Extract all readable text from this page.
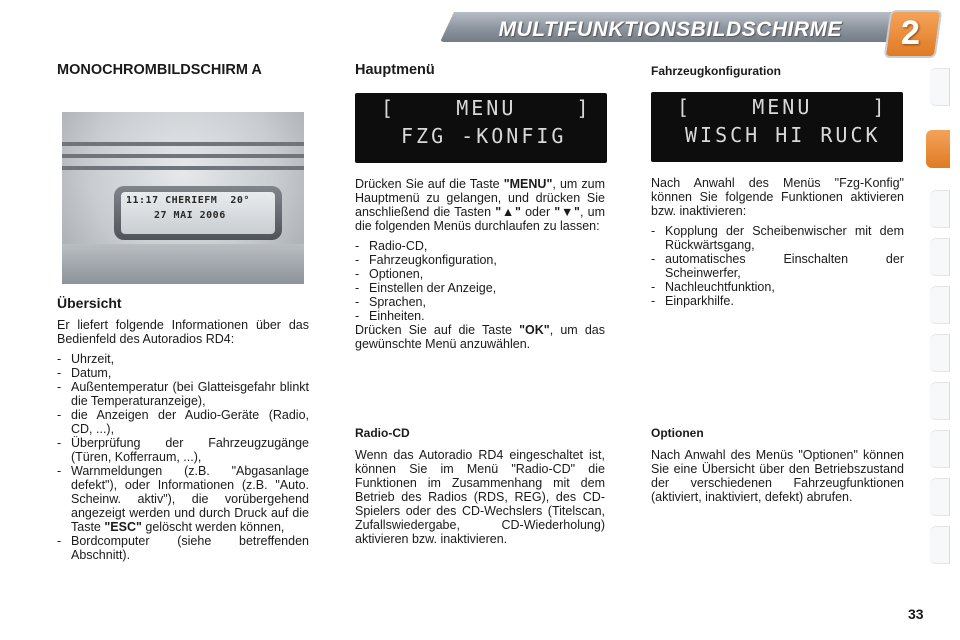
MULTIFUNKTIONSBILDSCHIRME 2
MONOCHROMBILDSCHIRM A
11:17 CHERIEFM  20°
27 MAI 2006
Übersicht

Er liefert folgende Informationen über das Bedienfeld des Autoradios RD4:

- Uhrzeit,
- Datum,
- Außentemperatur (bei Glatteisgefahr blinkt die Temperaturanzeige),
- die Anzeigen der Audio-Geräte (Radio, CD, ...),
- Überprüfung der Fahrzeugzugänge (Türen, Kofferraum, ...),
- Warnmeldungen (z.B. "Abgasanlage defekt"), oder Informationen (z.B. "Auto. Scheinw. aktiv"), die vorübergehend angezeigt werden und durch Druck auf die Taste "ESC" gelöscht werden können,
- Bordcomputer (siehe betreffenden Abschnitt).
Hauptmenü
[    MENU    ]
FZG -KONFIG

Drücken Sie auf die Taste "MENU", um zum Hauptmenü zu gelangen, und drücken Sie anschließend die Tasten "▲" oder "▼", um die folgenden Menüs durchlaufen zu lassen:

- Radio-CD,
- Fahrzeugkonfiguration,
- Optionen,
- Einstellen der Anzeige,
- Sprachen,
- Einheiten.

Drücken Sie auf die Taste "OK", um das gewünschte Menü anzuwählen.

Radio-CD

Wenn das Autoradio RD4 eingeschaltet ist, können Sie im Menü "Radio-CD" die Funktionen im Zusammenhang mit dem Betrieb des Radios (RDS, REG), des CD-Spielers oder des CD-Wechslers (Titelscan, Zufallswiedergabe, CD-Wiederholung) aktivieren bzw. inaktivieren.

Fahrzeugkonfiguration
[    MENU    ]
WISCH HI RUCK

Nach Anwahl des Menüs "Fzg-Konfig" können Sie folgende Funktionen aktivieren bzw. inaktivieren:

- Kopplung der Scheibenwischer mit dem Rückwärtsgang,
- automatisches Einschalten der Scheinwerfer,
- Nachleuchtfunktion,
- Einparkhilfe.
Optionen

Nach Anwahl des Menüs "Optionen" können Sie eine Übersicht über den Betriebszustand der verschiedenen Fahrzeugfunktionen (aktiviert, inaktiviert, defekt) abrufen.

33
